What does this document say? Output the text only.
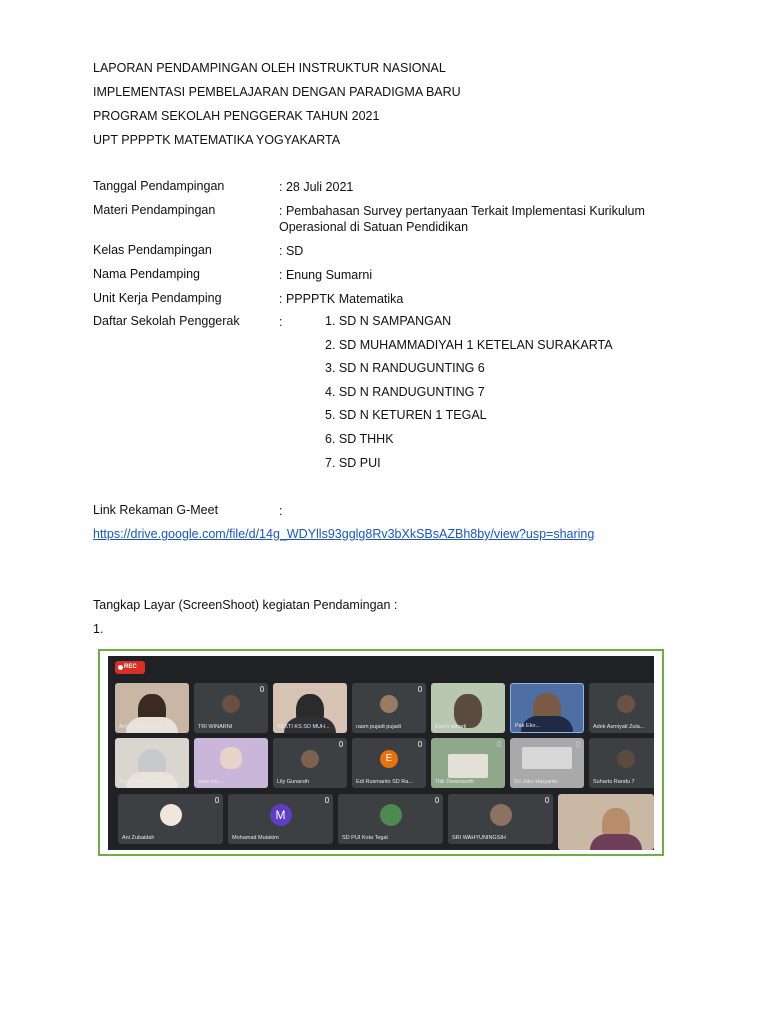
LAPORAN PENDAMPINGAN OLEH INSTRUKTUR NASIONAL

IMPLEMENTASI PEMBELAJARAN DENGAN PARADIGMA BARU

PROGRAM SEKOLAH PENGGERAK TAHUN 2021

UPT PPPPTK MATEMATIKA YOGYAKARTA

Tanggal Pendampingan	: 28 Juli 2021
Materi Pendampingan	: Pembahasan Survey pertanyaan Terkait Implementasi Kurikulum
Operasional di Satuan Pendidikan
Kelas Pendampingan	: SD
Nama Pendamping	: Enung Sumarni
Unit Kerja Pendamping	: PPPPTK Matematika
Daftar Sekolah Penggerak	:	1. SD N SAMPANGAN
2. SD MUHAMMADIYAH 1 KETELAN SURAKARTA
3. SD N RANDUGUNTING 6
4. SD N RANDUGUNTING 7
5. SD N KETUREN 1 TEGAL
6. SD THHK
7. SD PUI
Link Rekaman G-Meet	:
https://drive.google.com/file/d/14g_WDYlls93gglg8Rv3bXkSBsAZBh8by/view?usp=sharing
Tangkap Layar (ScreenShoot) kegiatan Pendamingan :
1.
REC
Anjiia Ratna Dewi	TRI WINARNI	YEKTI KS SD MUH...	raam pujadi pujadi	Esem winarti	Pak Eko...	Adek Asmiyati Zula...
Afrani Werdhani...	arso mu...	Lily Gunarsih
E
Edi Rusmanto SD Ra...	Titik Dewinarsih	Sri Joko Haryanto	Suharto Randu 7
Ani Zubaidah
M
Mohamad Mutakim	SD PUI Kota Tegal	SRI WAHYUNINGSIH
